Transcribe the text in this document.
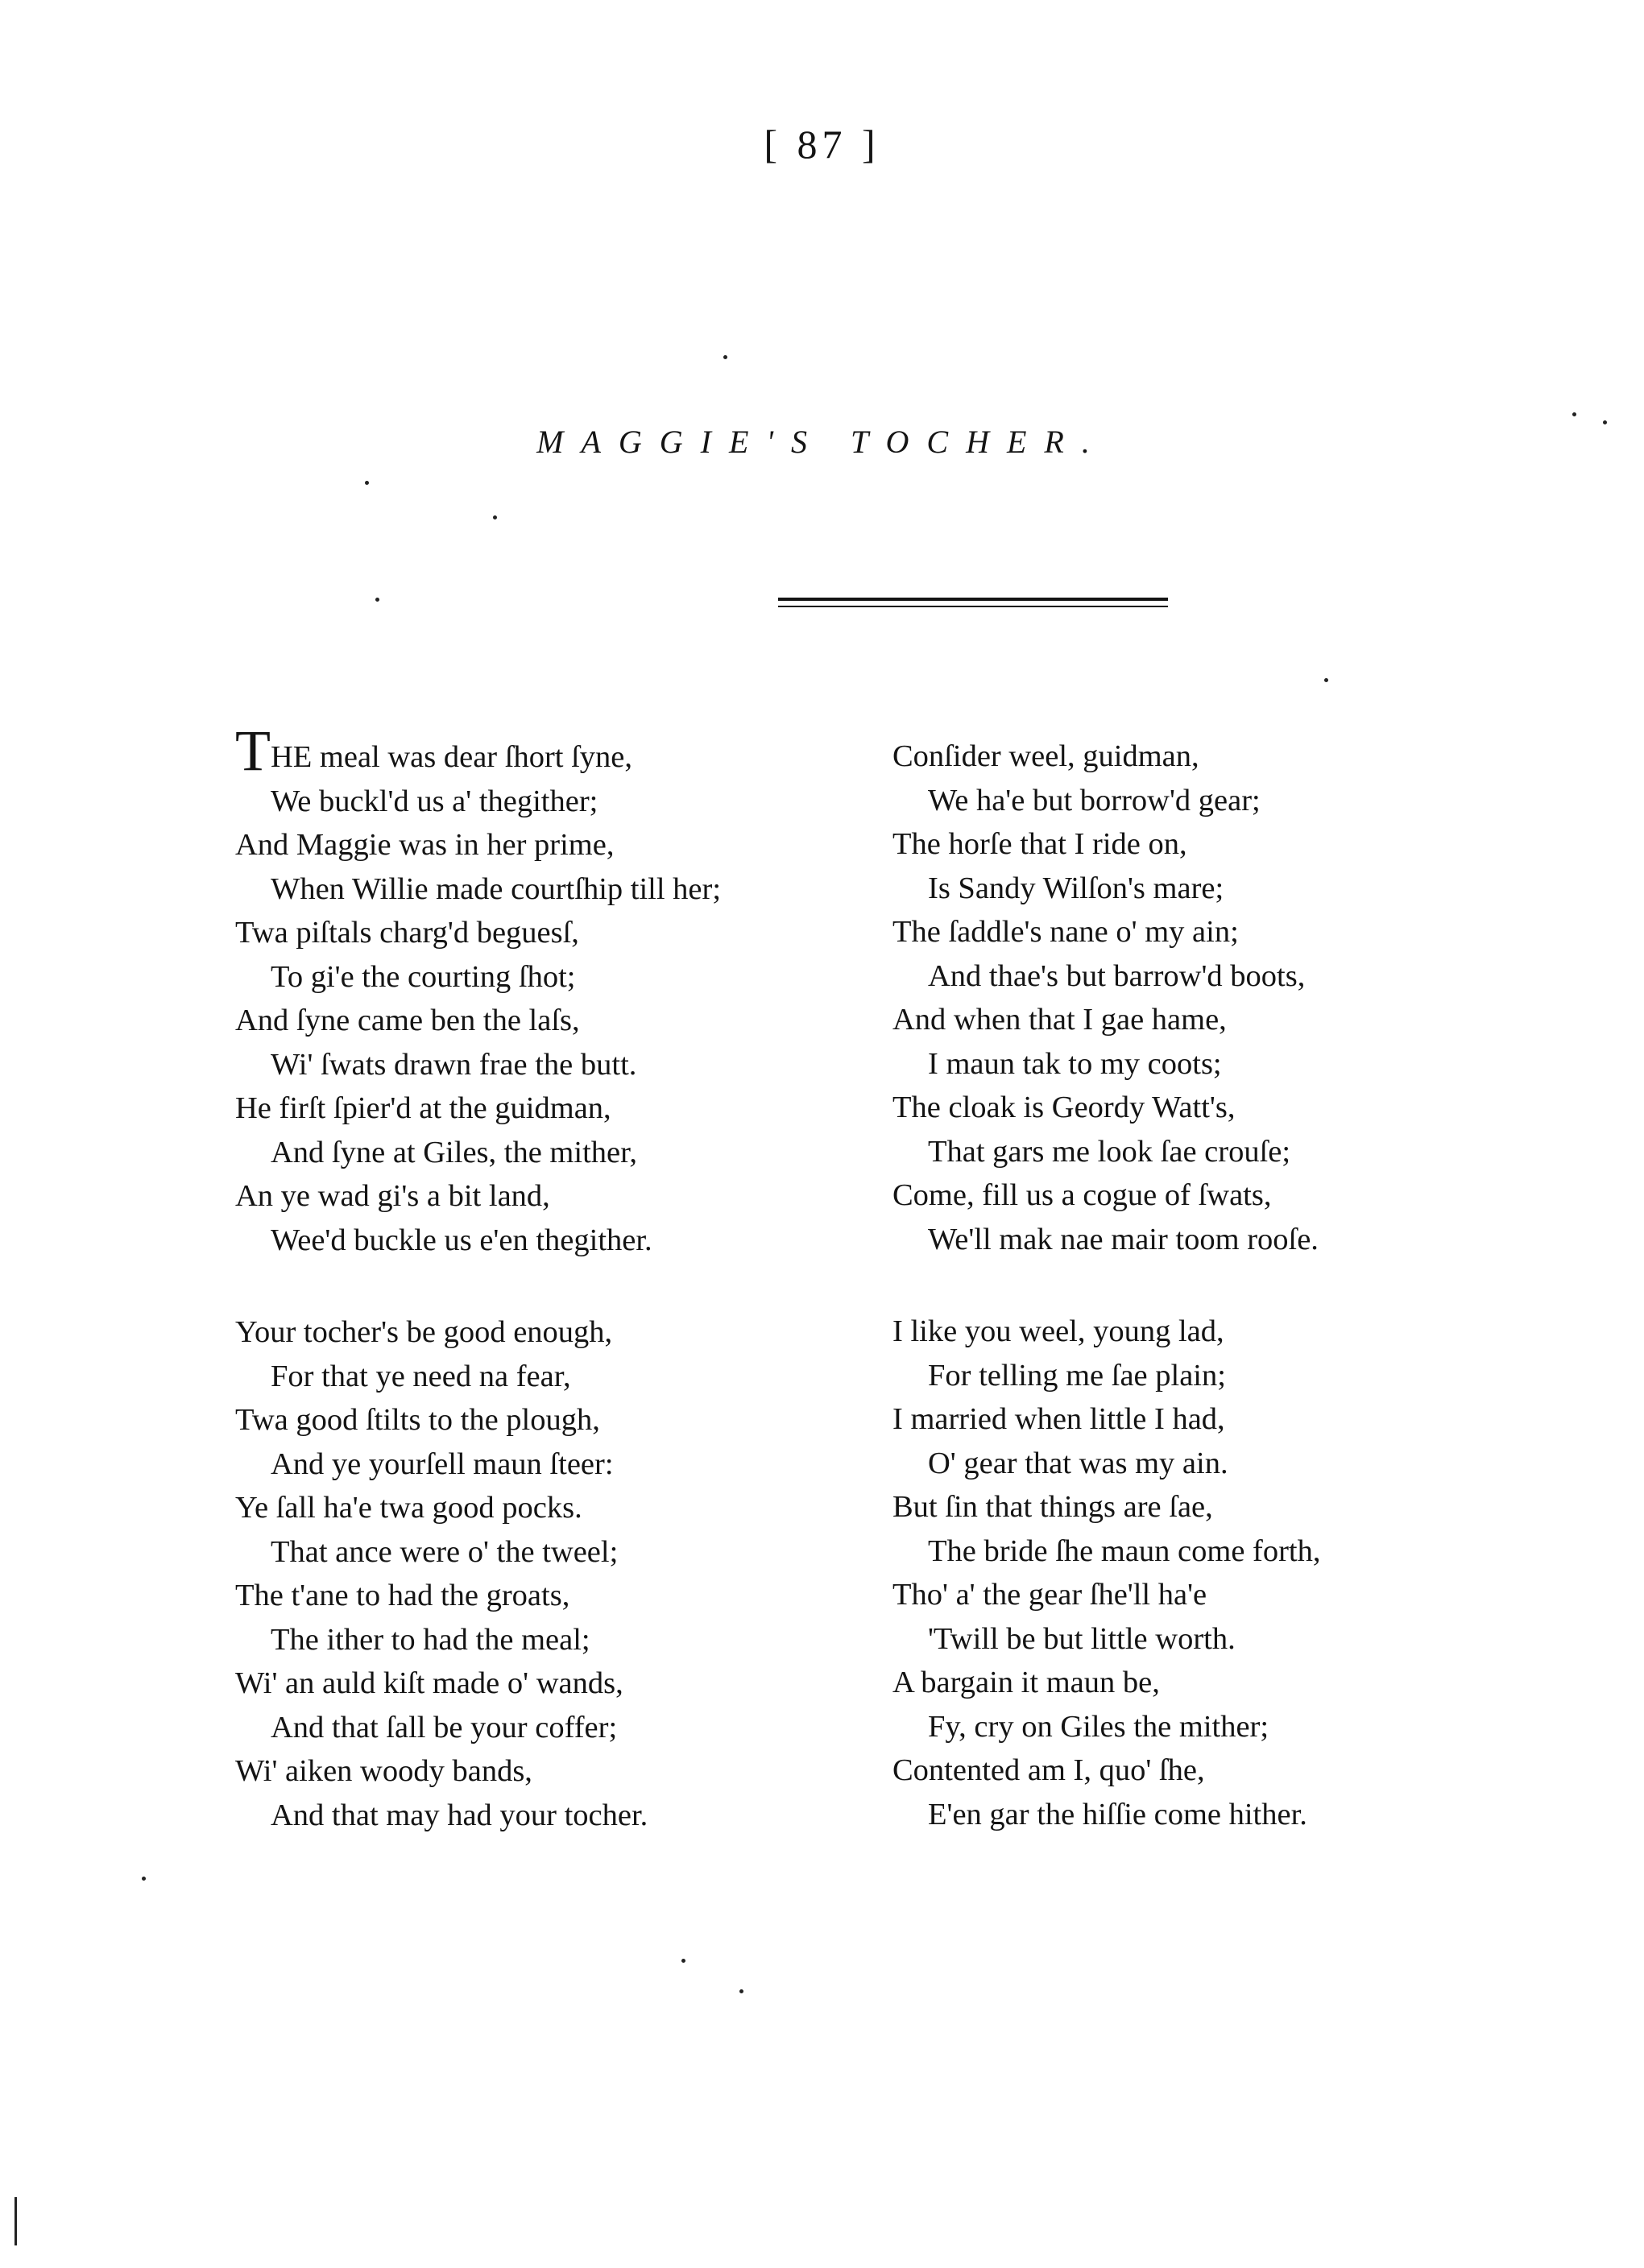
[ 87 ]
MAGGIE'S TOCHER.
THE meal was dear ſhort ſyne,
We buckl'd us a' thegither;
And Maggie was in her prime,
When Willie made courtſhip till her;
Twa piſtals charg'd beguesſ,
To gi'e the courting ſhot;
And ſyne came ben the laſs,
Wi' ſwats drawn frae the butt.
He firſt ſpier'd at the guidman,
And ſyne at Giles, the mither,
An ye wad gi's a bit land,
Wee'd buckle us e'en thegither.
Your tocher's be good enough,
For that ye need na fear,
Twa good ſtilts to the plough,
And ye yourſell maun ſteer:
Ye ſall ha'e twa good pocks.
That ance were o' the tweel;
The t'ane to had the groats,
The ither to had the meal;
Wi' an auld kiſt made o' wands,
And that ſall be your coffer;
Wi' aiken woody bands,
And that may had your tocher.
Conſider weel, guidman,
We ha'e but borrow'd gear;
The horſe that I ride on,
Is Sandy Wilſon's mare;
The ſaddle's nane o' my ain;
And thae's but barrow'd boots,
And when that I gae hame,
I maun tak to my coots;
The cloak is Geordy Watt's,
That gars me look ſae crouſe;
Come, fill us a cogue of ſwats,
We'll mak nae mair toom rooſe.
I like you weel, young lad,
For telling me ſae plain;
I married when little I had,
O' gear that was my ain.
But ſin that things are ſae,
The bride ſhe maun come forth,
Tho' a' the gear ſhe'll ha'e
'Twill be but little worth.
A bargain it maun be,
Fy, cry on Giles the mither;
Contented am I, quo' ſhe,
E'en gar the hiſſie come hither.
